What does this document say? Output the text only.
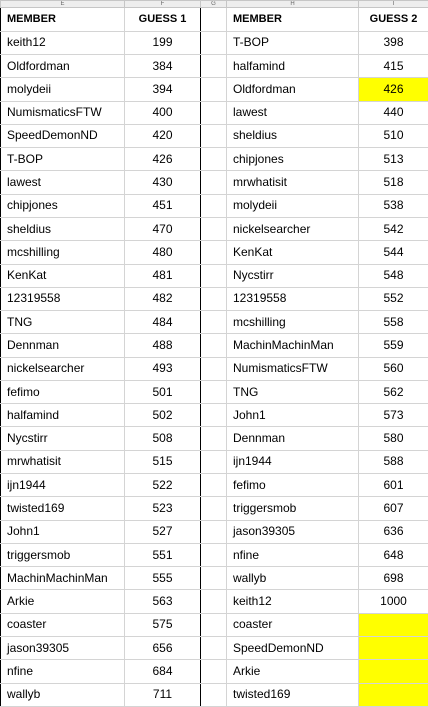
E	F	G	H	I
MEMBER	GUESS 1		MEMBER	GUESS 2
keith12	199		T-BOP	398
Oldfordman	384		halfamind	415
molydeii	394		Oldfordman	426
NumismaticsFTW	400		lawest	440
SpeedDemonND	420		sheldius	510
T-BOP	426		chipjones	513
lawest	430		mrwhatisit	518
chipjones	451		molydeii	538
sheldius	470		nickelsearcher	542
mcshilling	480		KenKat	544
KenKat	481		Nycstirr	548
12319558	482		12319558	552
TNG	484		mcshilling	558
Dennman	488		MachinMachinMan	559
nickelsearcher	493		NumismaticsFTW	560
fefimo	501		TNG	562
halfamind	502		John1	573
Nycstirr	508		Dennman	580
mrwhatisit	515		ijn1944	588
ijn1944	522		fefimo	601
twisted169	523		triggersmob	607
John1	527		jason39305	636
triggersmob	551		nfine	648
MachinMachinMan	555		wallyb	698
Arkie	563		keith12	1000
coaster	575		coaster	
jason39305	656		SpeedDemonND	
nfine	684		Arkie	
wallyb	711		twisted169	
